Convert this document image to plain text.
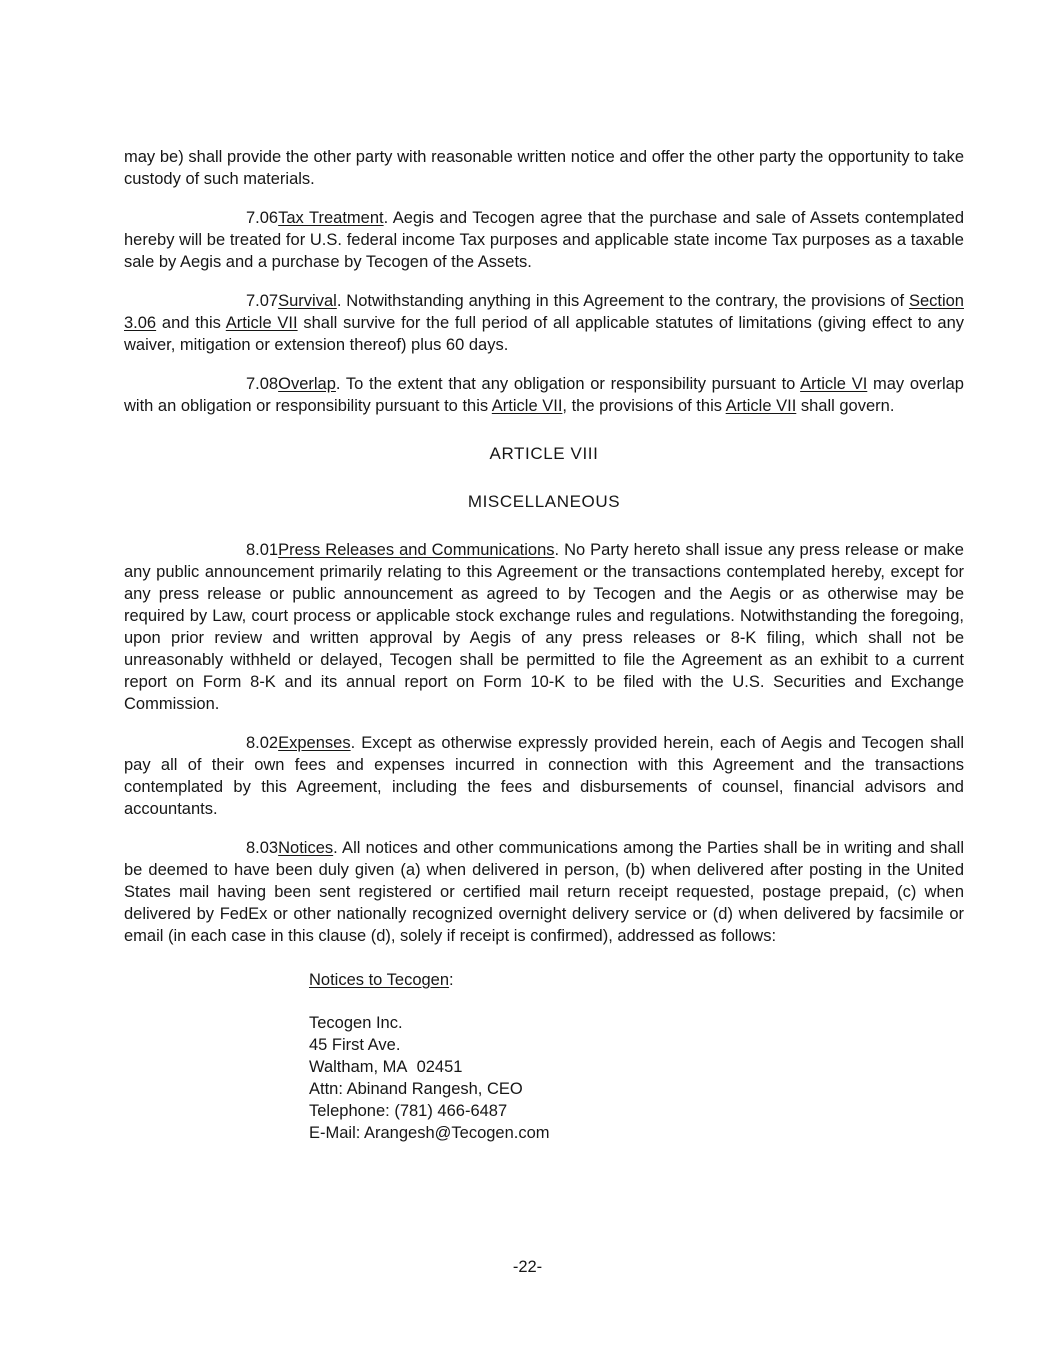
may be) shall provide the other party with reasonable written notice and offer the other party the opportunity to take custody of such materials.

7.06Tax Treatment. Aegis and Tecogen agree that the purchase and sale of Assets contemplated hereby will be treated for U.S. federal income Tax purposes and applicable state income Tax purposes as a taxable sale by Aegis and a purchase by Tecogen of the Assets.

7.07Survival. Notwithstanding anything in this Agreement to the contrary, the provisions of Section 3.06 and this Article VII shall survive for the full period of all applicable statutes of limitations (giving effect to any waiver, mitigation or extension thereof) plus 60 days.

7.08Overlap. To the extent that any obligation or responsibility pursuant to Article VI may overlap with an obligation or responsibility pursuant to this Article VII, the provisions of this Article VII shall govern.

ARTICLE VIII
MISCELLANEOUS

8.01Press Releases and Communications. No Party hereto shall issue any press release or make any public announcement primarily relating to this Agreement or the transactions contemplated hereby, except for any press release or public announcement as agreed to by Tecogen and the Aegis or as otherwise may be required by Law, court process or applicable stock exchange rules and regulations. Notwithstanding the foregoing, upon prior review and written approval by Aegis of any press releases or 8-K filing, which shall not be unreasonably withheld or delayed, Tecogen shall be permitted to file the Agreement as an exhibit to a current report on Form 8-K and its annual report on Form 10-K to be filed with the U.S. Securities and Exchange Commission.

8.02Expenses. Except as otherwise expressly provided herein, each of Aegis and Tecogen shall pay all of their own fees and expenses incurred in connection with this Agreement and the transactions contemplated by this Agreement, including the fees and disbursements of counsel, financial advisors and accountants.

8.03Notices. All notices and other communications among the Parties shall be in writing and shall be deemed to have been duly given (a) when delivered in person, (b) when delivered after posting in the United States mail having been sent registered or certified mail return receipt requested, postage prepaid, (c) when delivered by FedEx or other nationally recognized overnight delivery service or (d) when delivered by facsimile or email (in each case in this clause (d), solely if receipt is confirmed), addressed as follows:

Notices to Tecogen:
Tecogen Inc.
45 First Ave.
Waltham, MA  02451
Attn: Abinand Rangesh, CEO
Telephone: (781) 466-6487
E-Mail: Arangesh@Tecogen.com
-22-
